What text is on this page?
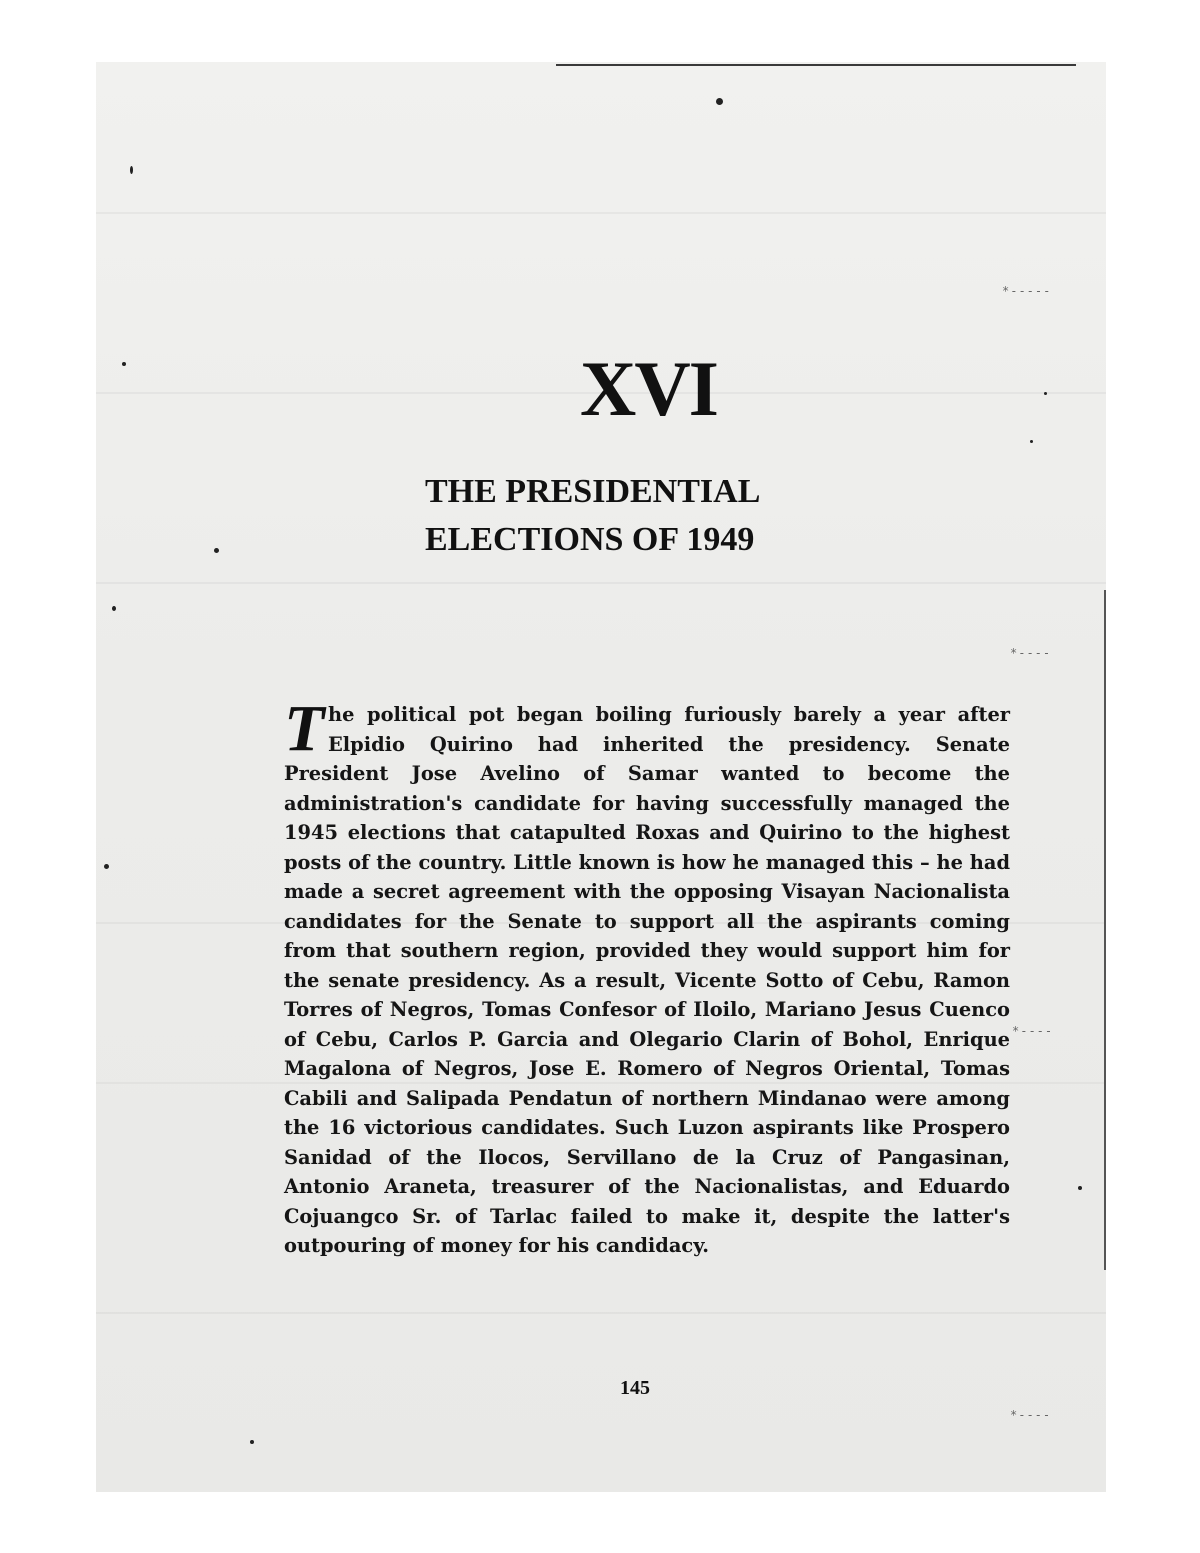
*-----
*----
*----
*----
XVI
THE PRESIDENTIAL
ELECTIONS OF 1949
The political pot began boiling furiously barely a year after Elpidio Quirino had inherited the presidency. Senate President Jose Avelino of Samar wanted to become the administration's candidate for having successfully managed the 1945 elections that catapulted Roxas and Quirino to the highest posts of the country. Little known is how he managed this – he had made a secret agreement with the opposing Visayan Nacionalista candidates for the Senate to support all the aspirants coming from that southern region, provided they would support him for the senate presidency. As a result, Vicente Sotto of Cebu, Ramon Torres of Negros, Tomas Confesor of Iloilo, Mariano Jesus Cuenco of Cebu, Carlos P. Garcia and Olegario Clarin of Bohol, Enrique Magalona of Negros, Jose E. Romero of Negros Oriental, Tomas Cabili and Salipada Pendatun of northern Mindanao were among the 16 victorious candidates. Such Luzon aspirants like Prospero Sanidad of the Ilocos, Servillano de la Cruz of Pangasinan, Antonio Araneta, treasurer of the Nacionalistas, and Eduardo Cojuangco Sr. of Tarlac failed to make it, despite the latter's outpouring of money for his candidacy.

145
